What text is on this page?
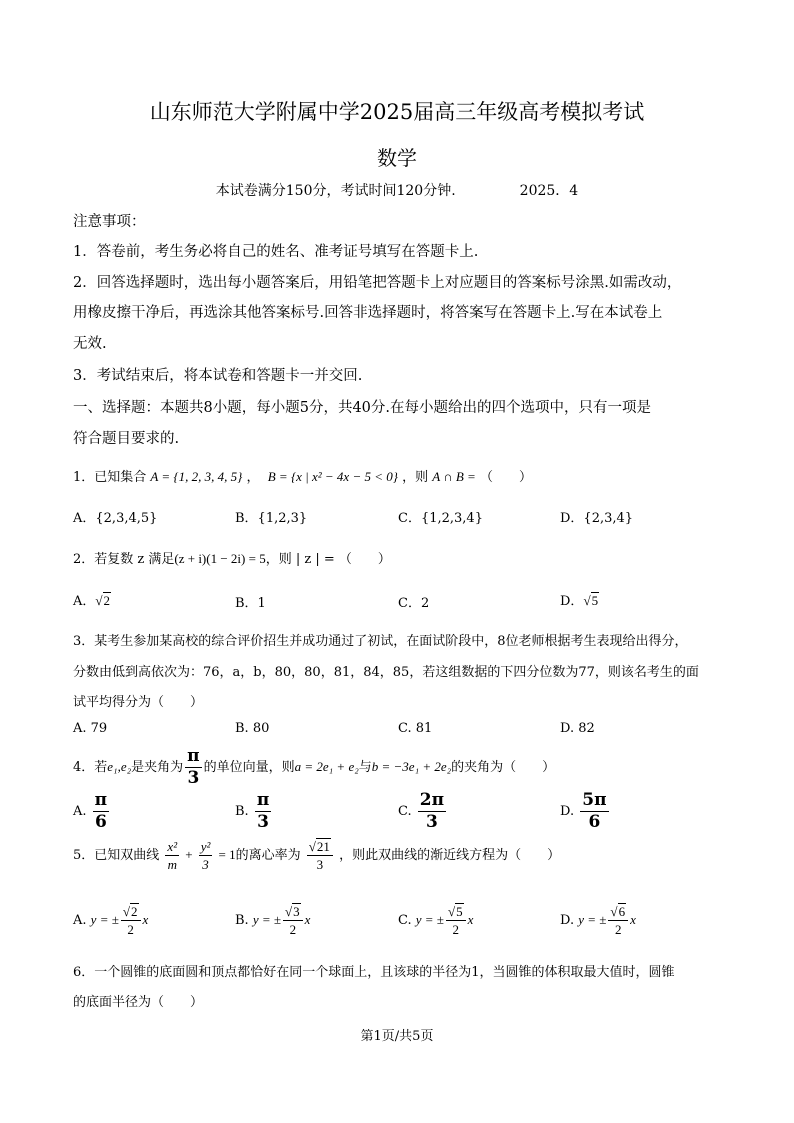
山东师范大学附属中学2025届高三年级高考模拟考试
数学
本试卷满分150分，考试时间120分钟.	2025．4
注意事项：
1．答卷前，考生务必将自己的姓名、准考证号填写在答题卡上.
2．回答选择题时，选出每小题答案后，用铅笔把答题卡上对应题目的答案标号涂黑.如需改动，
用橡皮擦干净后，再选涂其他答案标号.回答非选择题时，将答案写在答题卡上.写在本试卷上
无效.
3．考试结束后，将本试卷和答题卡一并交回.
一、选择题：本题共8小题，每小题5分，共40分.在每小题给出的四个选项中，只有一项是
符合题目要求的.
1．已知集合 A = {1, 2, 3, 4, 5} ，  B = {x | x² − 4x − 5 < 0} ，则 A ∩ B = （　　）
A．{2,3,4,5}	B．{1,2,3}	C．{1,2,3,4}	D．{2,3,4}
2．若复数 z 满足(z + i)(1 − 2i) = 5，则 | z | = （　　）
A．√2	B．1	C．2	D．√5
3．某考生参加某高校的综合评价招生并成功通过了初试，在面试阶段中，8位老师根据考生表现给出得分，
分数由低到高依次为：76，a，b，80，80，81，84，85，若这组数据的下四分位数为77，则该名考生的面
试平均得分为（　　）
A. 79	B. 80	C. 81	D. 82
4．若e₁,e₂是夹角为 $\frac{\pi}{3}$ 的单位向量，则a = 2e₁ + e₂与b = −3e₁ + 2e₂的夹角为（　　）
A. $\frac{\pi}{6}$	B. $\frac{\pi}{3}$	C. $\frac{2\pi}{3}$	D. $\frac{5\pi}{6}$
5．已知双曲线 $\frac{\text{x²}}{m} + \frac{\text{y²}}{3} = 1$的离心率为 $\frac{√21}{3}$ ，则此双曲线的渐近线方程为（　　）
A. y = ± $\frac{√2}{2}$ x	B. y = ± $\frac{√3}{2}$ x	C. y = ± $\frac{√5}{2}$ x	D. y = ± $\frac{√6}{2}$ x
6．一个圆锥的底面圆和顶点都恰好在同一个球面上，且该球的半径为1，当圆锥的体积取最大值时，圆锥
的底面半径为（　　）
第1页/共5页
